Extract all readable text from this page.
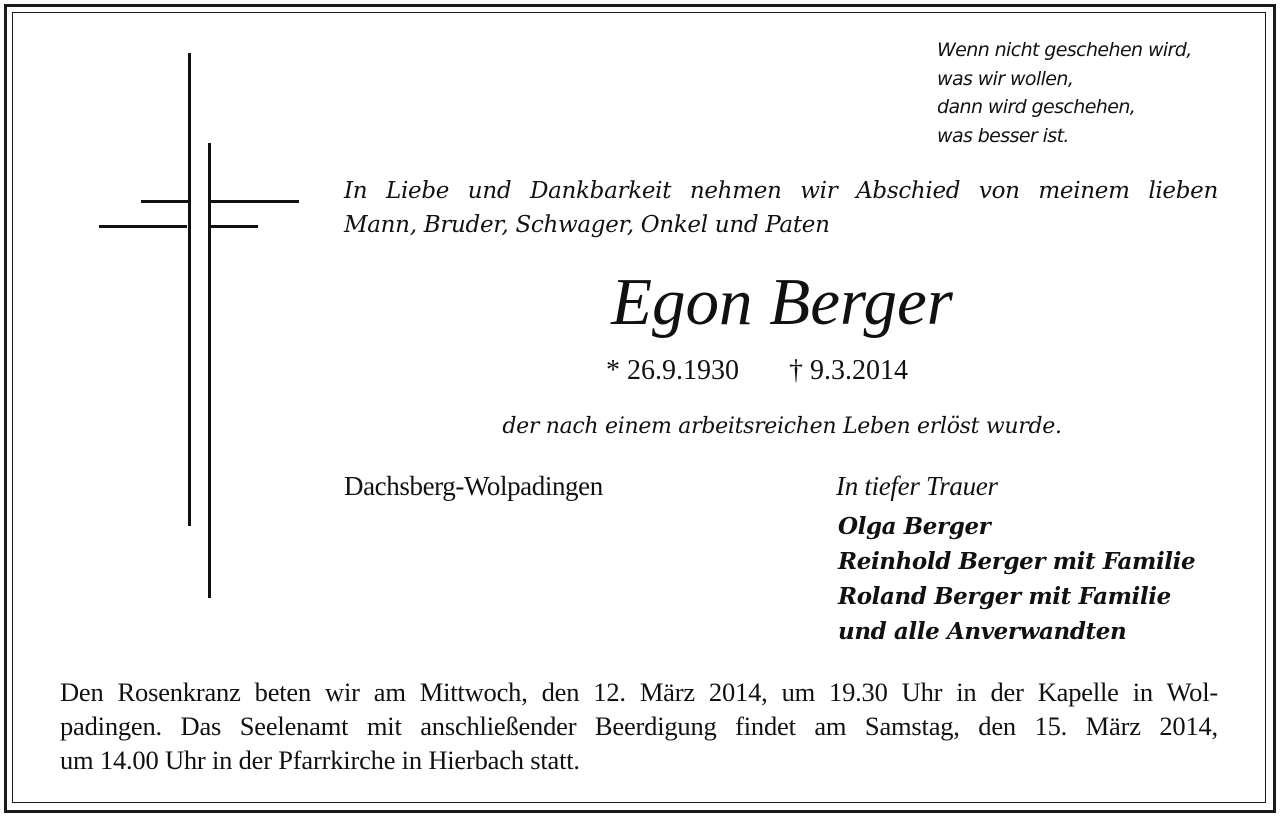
Wenn nicht geschehen wird,
was wir wollen,
dann wird geschehen,
was besser ist.
In Liebe und Dankbarkeit nehmen wir Abschied von meinem lieben
Mann, Bruder, Schwager, Onkel und Paten
Egon Berger
* 26.9.1930 † 9.3.2014
der nach einem arbeitsreichen Leben erlöst wurde.
Dachsberg-Wolpadingen	In tiefer Trauer
Olga Berger
Reinhold Berger mit Familie
Roland Berger mit Familie
und alle Anverwandten
Den Rosenkranz beten wir am Mittwoch, den 12. März 2014, um 19.30 Uhr in der Kapelle in Wol-
padingen. Das Seelenamt mit anschließender Beerdigung findet am Samstag, den 15. März 2014,
um 14.00 Uhr in der Pfarrkirche in Hierbach statt.
